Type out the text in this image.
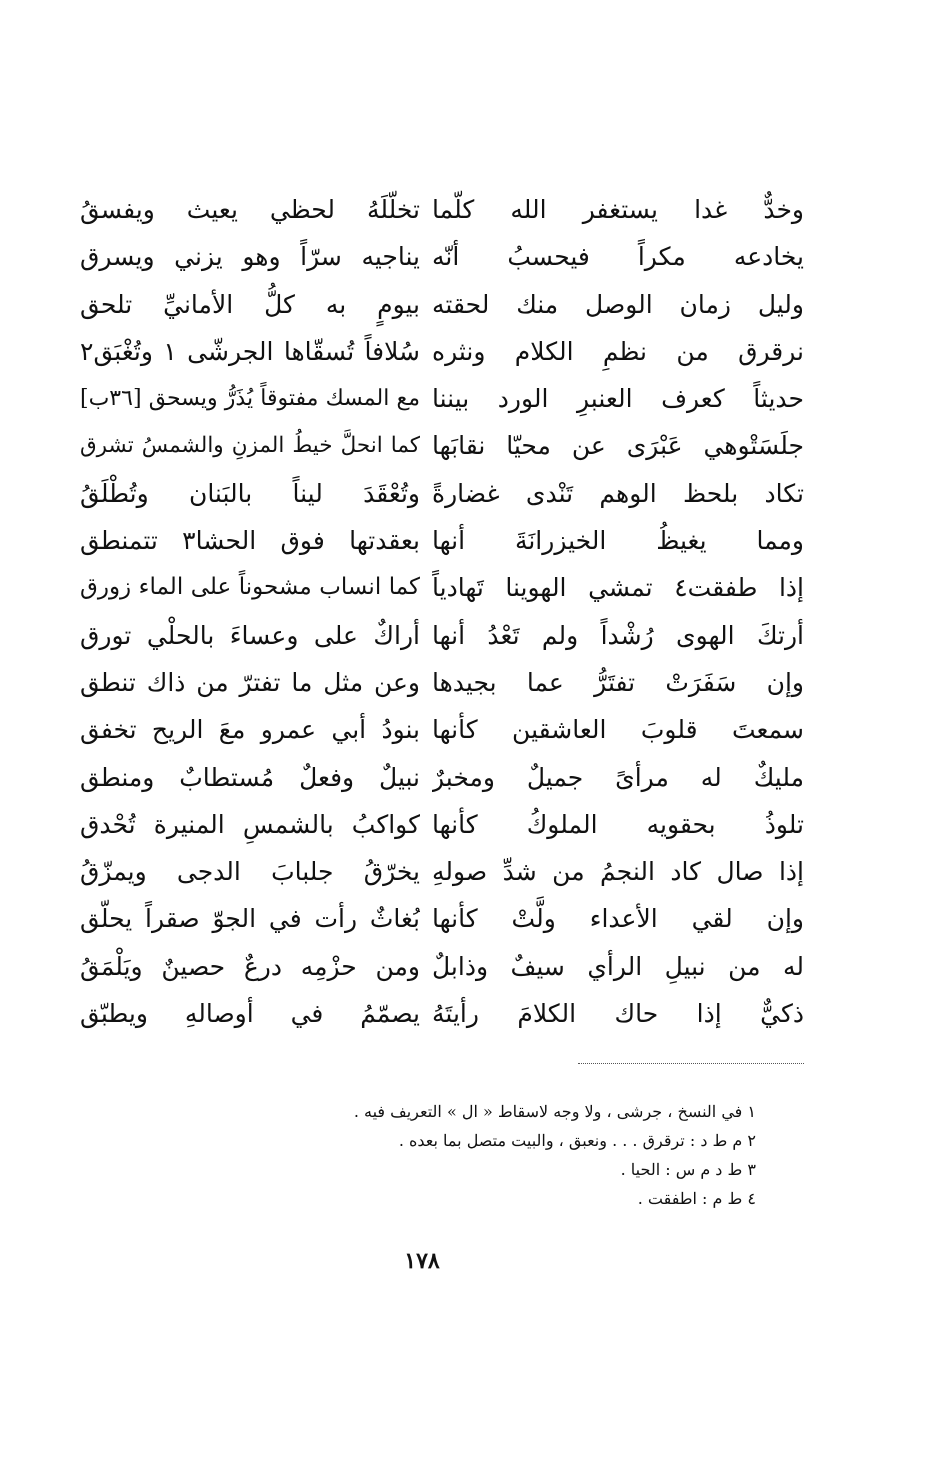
وخدٌّ غدا يستغفر الله كلّما
يخادعه مكراً فيحسبُ أنّه
وليل زمان الوصل منك لحقته
نرقرق من نظمِ الكلام ونثره
حديثاً كعرف العنبرِ الورد بيننا
جلَسَتْوهي عَبْرَى عن محيّا نقابَها
تكاد بلحظ الوهم تَنْدى غضارةً
ومما يغيظُ الخيزرانَةَ أنها
إذا طفقت٤ تمشي الهوينا تَهادياً
أرتكَ الهوى رُشْداً ولم تَعْدُ أنها
وإن سَفَرَتْ تفتَرُّ عما بجيدها
سمعتَ قلوبَ العاشقين كأنها
مليكٌ له مرأىً جميلٌ ومخبرٌ
تلوذُ بحقويه الملوكُ كأنها
إذا صال كاد النجمُ من شدِّ صولهِ
وإن لقي الأعداء ولَّتْ كأنها
له من نبيلِ الرأي سيفٌ وذابلٌ
ذكيٌّ إذا حاك الكلامَ رأيتَهُ
تخلّلَهُ لحظي يعيث ويفسقُ
يناجيه سرّاً وهو يزني ويسرق
بيومٍ به كلُّ الأمانيِّ تلحق
سُلافاً تُسقّاها الجرشّى ١ وتُغْبَق٢
مع المسك مفتوقاً يُذَرُّ ويسحق [٣٦ب]
كما انحلَّ خيطُ المزنِ والشمسُ تشرق
وتُعْقَدَ ليناً بالبَنان وتُطْلَقُ
بعقدتها فوق الحشا٣ تتمنطق
كما انساب مشحوناً على الماء زورق
أراكٌ على وعساءَ بالحلْي تورق
وعن مثل ما تفترّ من ذاك تنطق
بنودُ أبي عمرو معَ الريح تخفق
نبيلٌ وفعلٌ مُستطابٌ ومنطق
كواكبُ بالشمسِ المنيرة تُحْدق
يخرّقُ جلبابَ الدجى ويمزّقُ
بُغاثٌ رأت في الجوّ صقراً يحلّق
ومن حزْمِه درعٌ حصينٌ ويَلْمَقُ
يصمّمُ في أوصالهِ ويطبّق
١ في النسخ ، جرشى ، ولا وجه لاسقاط « ال » التعريف فيه .
٢ م ط د : ترقرق . . . ونعبق ، والبيت متصل بما بعده .
٣ ط د م س : الحيا .
٤ ط م : اطفقت .
١٧٨
